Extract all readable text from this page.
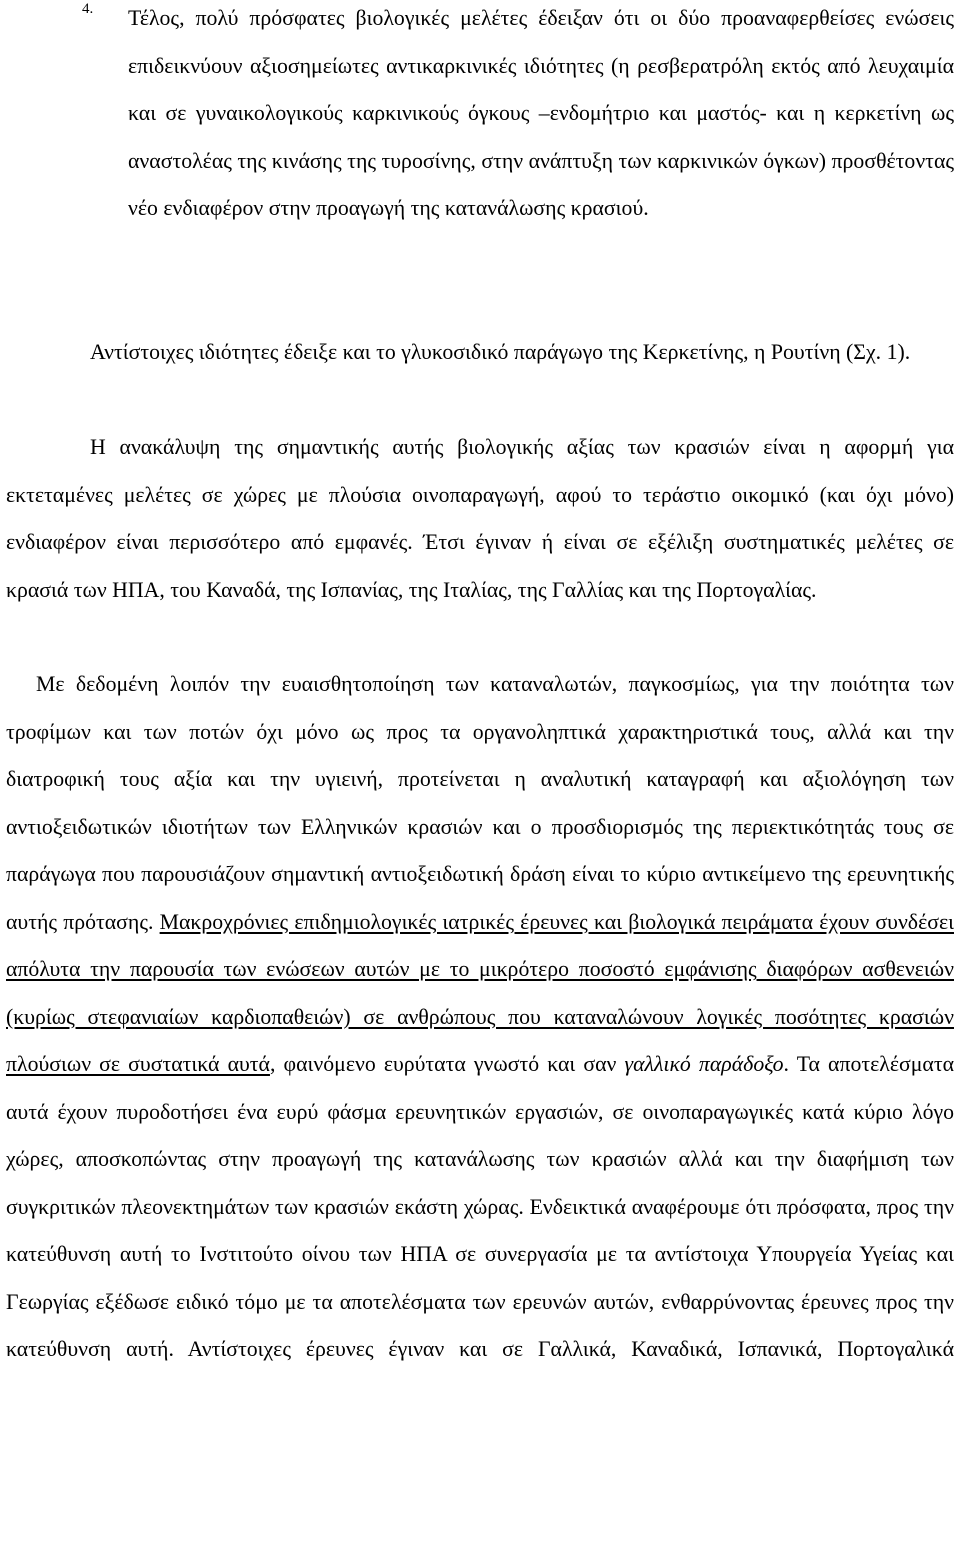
4. Τέλος, πολύ πρόσφατες βιολογικές μελέτες έδειξαν ότι οι δύο προαναφερθείσες ενώσεις επιδεικνύουν αξιοσημείωτες αντικαρκινικές ιδιότητες (η ρεσβερατρόλη εκτός από λευχαιμία και σε γυναικολογικούς καρκινικούς όγκους –ενδομήτριο και μαστός- και η κερκετίνη ως αναστολέας της κινάσης της τυροσίνης, στην ανάπτυξη των καρκινικών όγκων) προσθέτοντας νέο ενδιαφέρον στην προαγωγή της κατανάλωσης κρασιού.

Αντίστοιχες ιδιότητες έδειξε και το γλυκοσιδικό παράγωγο της Κερκετίνης, η Ρουτίνη (Σχ. 1).

Η ανακάλυψη της σημαντικής αυτής βιολογικής αξίας των κρασιών είναι η αφορμή για εκτεταμένες μελέτες σε χώρες με πλούσια οινοπαραγωγή, αφού το τεράστιο οικομικό (και όχι μόνο) ενδιαφέρον είναι περισσότερο από εμφανές. Έτσι έγιναν ή είναι σε εξέλιξη συστηματικές μελέτες σε κρασιά των ΗΠΑ, του Καναδά, της Ισπανίας, της Ιταλίας, της Γαλλίας και της Πορτογαλίας.

Με δεδομένη λοιπόν την ευαισθητοποίηση των καταναλωτών, παγκοσμίως, για την ποιότητα των τροφίμων και των ποτών όχι μόνο ως προς τα οργανοληπτικά χαρακτηριστικά τους, αλλά και την διατροφική τους αξία και την υγιεινή, προτείνεται η αναλυτική καταγραφή και αξιολόγηση των αντιοξειδωτικών ιδιοτήτων των Ελληνικών κρασιών και ο προσδιορισμός της περιεκτικότητάς τους σε παράγωγα που παρουσιάζουν σημαντική αντιοξειδωτική δράση είναι το κύριο αντικείμενο της ερευνητικής αυτής πρότασης. Μακροχρόνιες επιδημιολογικές ιατρικές έρευνες και βιολογικά πειράματα έχουν συνδέσει απόλυτα την παρουσία των ενώσεων αυτών με το μικρότερο ποσοστό εμφάνισης διαφόρων ασθενειών (κυρίως στεφανιαίων καρδιοπαθειών) σε ανθρώπους που καταναλώνουν λογικές ποσότητες κρασιών πλούσιων σε συστατικά αυτά, φαινόμενο ευρύτατα γνωστό και σαν γαλλικό παράδοξο. Τα αποτελέσματα αυτά έχουν πυροδοτήσει ένα ευρύ φάσμα ερευνητικών εργασιών, σε οινοπαραγωγικές κατά κύριο λόγο χώρες, αποσκοπώντας στην προαγωγή της κατανάλωσης των κρασιών αλλά και την διαφήμιση των συγκριτικών πλεονεκτημάτων των κρασιών εκάστη χώρας. Ενδεικτικά αναφέρουμε ότι πρόσφατα, προς την κατεύθυνση αυτή το Ινστιτούτο οίνου των ΗΠΑ σε συνεργασία με τα αντίστοιχα Υπουργεία Υγείας και Γεωργίας εξέδωσε ειδικό τόμο με τα αποτελέσματα των ερευνών αυτών, ενθαρρύνοντας έρευνες προς την κατεύθυνση αυτή. Αντίστοιχες έρευνες έγιναν και σε Γαλλικά, Καναδικά, Ισπανικά, Πορτογαλικά
